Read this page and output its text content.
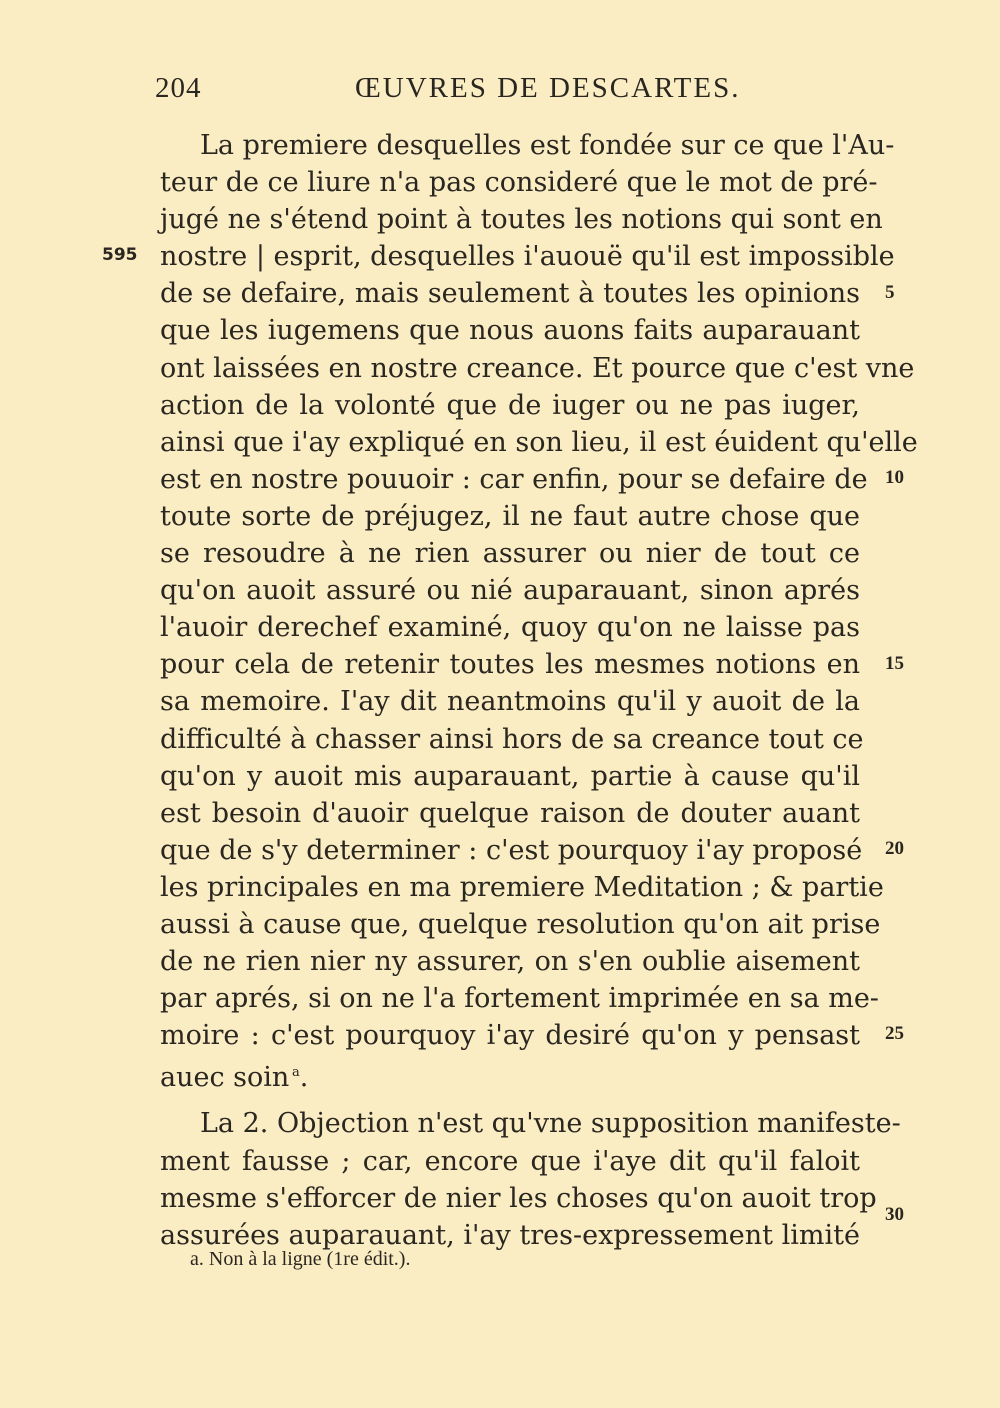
204	ŒUVRES DE DESCARTES.
La premiere desquelles est fondée sur ce que l'Au-
teur de ce liure n'a pas consideré que le mot de pré-
jugé ne s'étend point à toutes les notions qui sont en
nostre | esprit, desquelles i'auouë qu'il est impossible
de se defaire, mais seulement à toutes les opinions
que les iugemens que nous auons faits auparauant
ont laissées en nostre creance. Et pource que c'est vne
action de la volonté que de iuger ou ne pas iuger,
ainsi que i'ay expliqué en son lieu, il est éuident qu'elle
est en nostre pouuoir : car enfin, pour se defaire de
toute sorte de préjugez, il ne faut autre chose que
se resoudre à ne rien assurer ou nier de tout ce
qu'on auoit assuré ou nié auparauant, sinon aprés
l'auoir derechef examiné, quoy qu'on ne laisse pas
pour cela de retenir toutes les mesmes notions en
sa memoire. I'ay dit neantmoins qu'il y auoit de la
difficulté à chasser ainsi hors de sa creance tout ce
qu'on y auoit mis auparauant, partie à cause qu'il
est besoin d'auoir quelque raison de douter auant
que de s'y determiner : c'est pourquoy i'ay proposé
les principales en ma premiere Meditation ; & partie
aussi à cause que, quelque resolution qu'on ait prise
de ne rien nier ny assurer, on s'en oublie aisement
par aprés, si on ne l'a fortement imprimée en sa me-
moire : c'est pourquoy i'ay desiré qu'on y pensast
auec soin  $^a$.
La 2. Objection n'est qu'vne supposition manifeste-
ment fausse ; car, encore que i'aye dit qu'il faloit
mesme s'efforcer de nier les choses qu'on auoit trop
assurées auparauant, i'ay tres-expressement limité
595
5
10
15
20
25
30
a. Non à la ligne (1re édit.).
